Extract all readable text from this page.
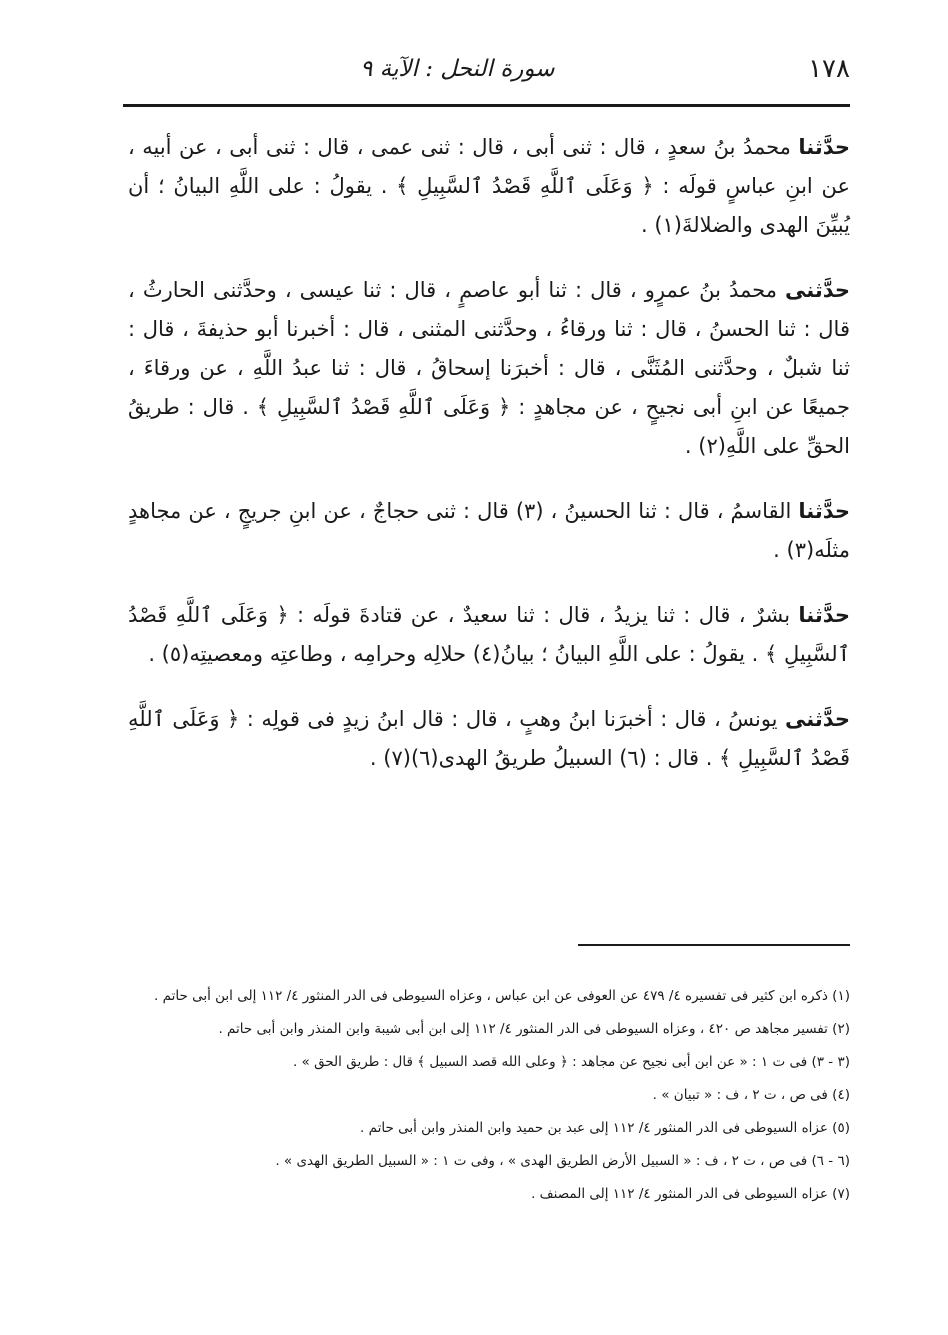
سورة النحل : الآية ٩	١٧٨

حدَّثنا محمدُ بنُ سعدٍ ، قال : ثنى أبى ، قال : ثنى عمى ، قال : ثنى أبى ، عن أبيه ، عن ابنِ عباسٍ قولَه : ﴿ وَعَلَى ٱللَّهِ قَصْدُ ٱلسَّبِيلِ ﴾ . يقولُ : على اللَّهِ البيانُ ؛ أن يُبيِّنَ الهدى والضلالةَ(١) .

حدَّثنى محمدُ بنُ عمرٍو ، قال : ثنا أبو عاصمٍ ، قال : ثنا عيسى ، وحدَّثنى الحارثُ ، قال : ثنا الحسنُ ، قال : ثنا ورقاءُ ، وحدَّثنى المثنى ، قال : أخبرنا أبو حذيفةَ ، قال : ثنا شبلٌ ، وحدَّثنى المُثَنَّى ، قال : أخبرَنا إسحاقُ ، قال : ثنا عبدُ اللَّهِ ، عن ورقاءَ ، جميعًا عن ابنِ أبى نجيحٍ ، عن مجاهدٍ : ﴿ وَعَلَى ٱللَّهِ قَصْدُ ٱلسَّبِيلِ ﴾ . قال : طريقُ الحقِّ على اللَّهِ(٢) .

حدَّثنا القاسمُ ، قال : ثنا الحسينُ ، (٣) قال : ثنى حجاجٌ ، عن ابنِ جريجٍ ، عن مجاهدٍ مثلَه(٣) .

حدَّثنا بشرٌ ، قال : ثنا يزيدُ ، قال : ثنا سعيدٌ ، عن قتادةَ قولَه : ﴿ وَعَلَى ٱللَّهِ قَصْدُ ٱلسَّبِيلِ ﴾ . يقولُ : على اللَّهِ البيانُ ؛ بيانُ(٤) حلالِه وحرامِه ، وطاعتِه ومعصيتِه(٥) .

حدَّثنى يونسُ ، قال : أخبرَنا ابنُ وهبٍ ، قال : قال ابنُ زيدٍ فى قولِه : ﴿ وَعَلَى ٱللَّهِ قَصْدُ ٱلسَّبِيلِ ﴾ . قال : (٦) السبيلُ طريقُ الهدى(٦)(٧) .

(١) ذكره ابن كثير فى تفسيره ٤/ ٤٧٩ عن العوفى عن ابن عباس ، وعزاه السيوطى فى الدر المنثور ٤/ ١١٢ إلى ابن أبى حاتم .

(٢) تفسير مجاهد ص ٤٢٠ ، وعزاه السيوطى فى الدر المنثور ٤/ ١١٢ إلى ابن أبى شيبة وابن المنذر وابن أبى حاتم .

(٣ - ٣) فى ت ١ : « عن ابن أبى نجيح عن مجاهد : ﴿ وعلى الله قصد السبيل ﴾ قال : طريق الحق » .

(٤) فى ص ، ت ٢ ، ف : « تبيان » .

(٥) عزاه السيوطى فى الدر المنثور ٤/ ١١٢ إلى عبد بن حميد وابن المنذر وابن أبى حاتم .

(٦ - ٦) فى ص ، ت ٢ ، ف : « السبيل الأرض الطريق الهدى » ، وفى ت ١ : « السبيل الطريق الهدى » .

(٧) عزاه السيوطى فى الدر المنثور ٤/ ١١٢ إلى المصنف .
